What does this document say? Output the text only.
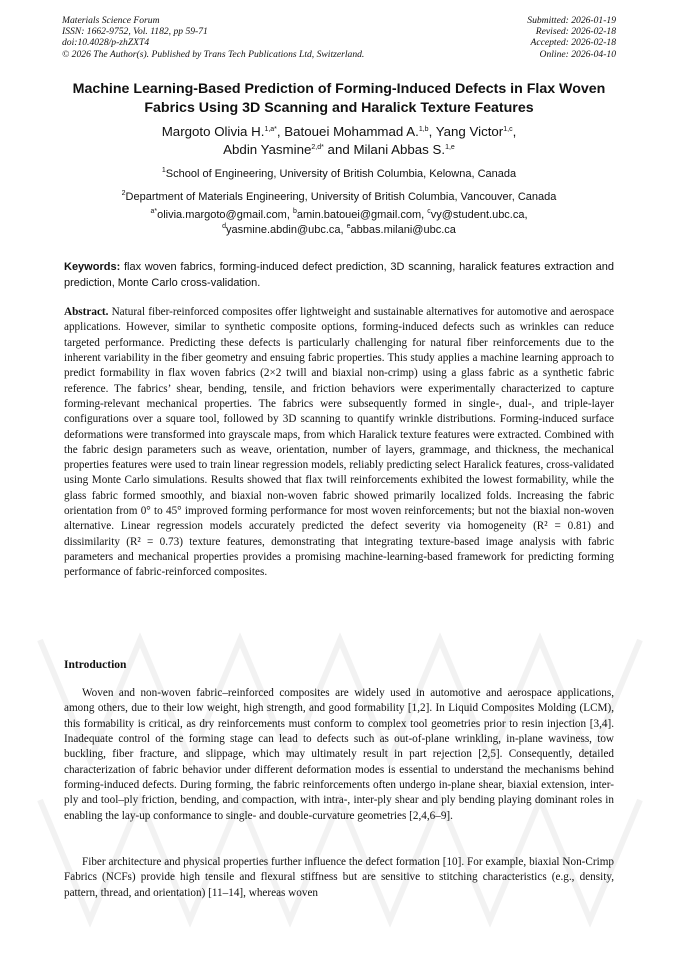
Materials Science Forum
ISSN: 1662-9752, Vol. 1182, pp 59-71
doi:10.4028/p-zhZXT4
© 2026 The Author(s). Published by Trans Tech Publications Ltd, Switzerland.
Submitted: 2026-01-19
Revised: 2026-02-18
Accepted: 2026-02-18
Online: 2026-04-10
Machine Learning-Based Prediction of Forming-Induced Defects in Flax Woven Fabrics Using 3D Scanning and Haralick Texture Features
Margoto Olivia H.$^{1,a*}$, Batouei Mohammad A.$^{1,b}$, Yang Victor$^{1,c}$,
Abdin Yasmine$^{2,d*}$ and Milani Abbas S.$^{1,e}$
$^1$School of Engineering, University of British Columbia, Kelowna, Canada
$^2$Department of Materials Engineering, University of British Columbia, Vancouver, Canada
$^{a*}$olivia.margoto@gmail.com, $^b$amin.batouei@gmail.com, $^c$vy@student.ubc.ca,
$^d$yasmine.abdin@ubc.ca, $^e$abbas.milani@ubc.ca
Keywords: flax woven fabrics, forming-induced defect prediction, 3D scanning, haralick features extraction and prediction, Monte Carlo cross-validation.
Abstract. Natural fiber-reinforced composites offer lightweight and sustainable alternatives for automotive and aerospace applications. However, similar to synthetic composite options, forming-induced defects such as wrinkles can reduce targeted performance. Predicting these defects is particularly challenging for natural fiber reinforcements due to the inherent variability in the fiber geometry and ensuing fabric properties. This study applies a machine learning approach to predict formability in flax woven fabrics (2×2 twill and biaxial non-crimp) using a glass fabric as a synthetic fabric reference. The fabrics’ shear, bending, tensile, and friction behaviors were experimentally characterized to capture forming-relevant mechanical properties. The fabrics were subsequently formed in single-, dual-, and triple-layer configurations over a square tool, followed by 3D scanning to quantify wrinkle distributions. Forming-induced surface deformations were transformed into grayscale maps, from which Haralick texture features were extracted. Combined with the fabric design parameters such as weave, orientation, number of layers, grammage, and thickness, the mechanical properties features were used to train linear regression models, reliably predicting select Haralick features, cross-validated using Monte Carlo simulations. Results showed that flax twill reinforcements exhibited the lowest formability, while the glass fabric formed smoothly, and biaxial non-woven fabric showed primarily localized folds. Increasing the fabric orientation from 0° to 45° improved forming performance for most woven reinforcements; but not the biaxial non-woven alternative. Linear regression models accurately predicted the defect severity via homogeneity (R² = 0.81) and dissimilarity (R² = 0.73) texture features, demonstrating that integrating texture-based image analysis with fabric parameters and mechanical properties provides a promising machine-learning-based framework for predicting forming performance of fabric-reinforced composites.
Introduction
Woven and non-woven fabric–reinforced composites are widely used in automotive and aerospace applications, among others, due to their low weight, high strength, and good formability [1,2]. In Liquid Composites Molding (LCM), this formability is critical, as dry reinforcements must conform to complex tool geometries prior to resin injection [3,4]. Inadequate control of the forming stage can lead to defects such as out-of-plane wrinkling, in-plane waviness, tow buckling, fiber fracture, and slippage, which may ultimately result in part rejection [2,5]. Consequently, detailed characterization of fabric behavior under different deformation modes is essential to understand the mechanisms behind forming-induced defects. During forming, the fabric reinforcements often undergo in-plane shear, biaxial extension, inter-ply and tool–ply friction, bending, and compaction, with intra-, inter-ply shear and ply bending playing dominant roles in enabling the lay-up conformance to single- and double-curvature geometries [2,4,6–9].
Fiber architecture and physical properties further influence the defect formation [10]. For example, biaxial Non-Crimp Fabrics (NCFs) provide high tensile and flexural stiffness but are sensitive to stitching characteristics (e.g., density, pattern, thread, and orientation) [11–14], whereas woven
